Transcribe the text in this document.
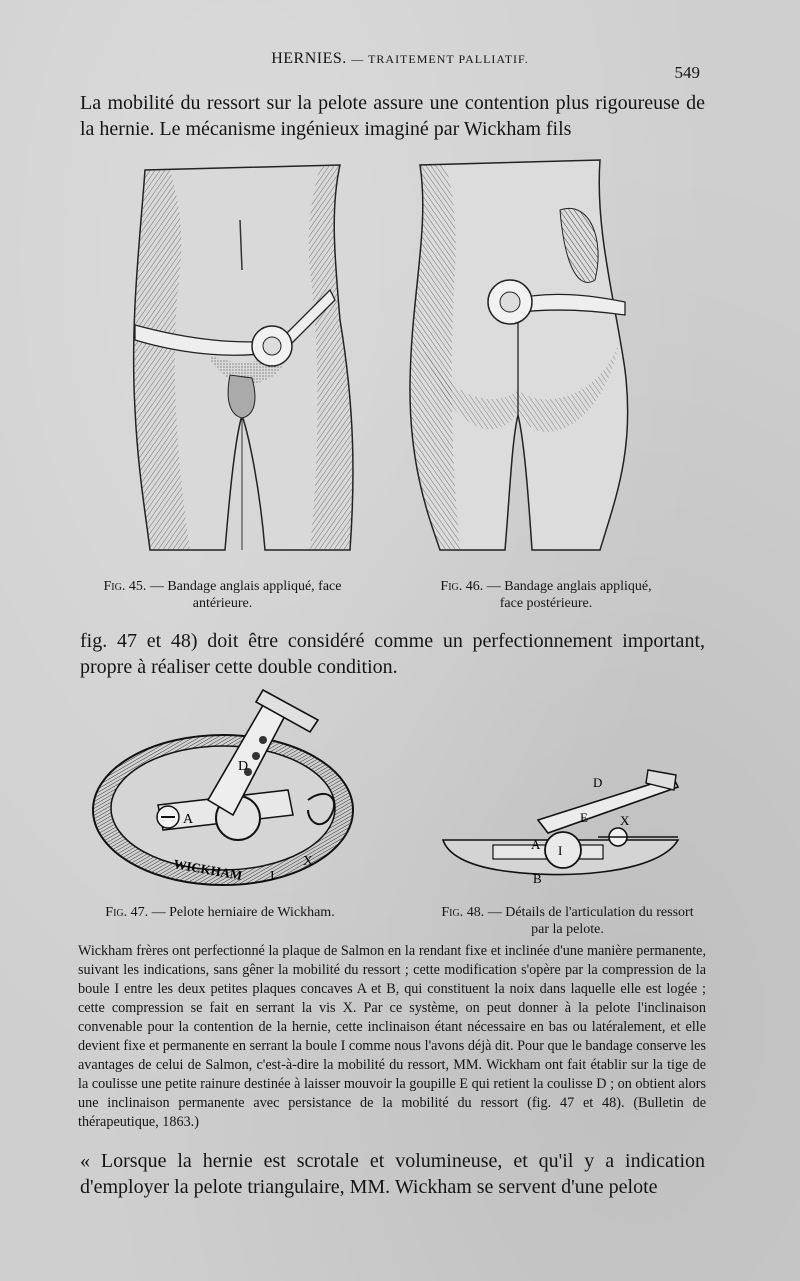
HERNIES. — TRAITEMENT PALLIATIF.
549
La mobilité du ressort sur la pelote assure une contention plus rigoureuse de la hernie. Le mécanisme ingénieux imaginé par Wickham fils
Fig. 45. — Bandage anglais appliqué, face antérieure.
Fig. 46. — Bandage anglais appliqué, face postérieure.
fig. 47 et 48) doit être considéré comme un perfectionnement important, propre à réaliser cette double condition.
A
D
WICKHAM I
X
D
E X
A I
B
Fig. 47. — Pelote herniaire de Wickham.	Fig. 48. — Détails de l'articulation du ressort par la pelote.
Wickham frères ont perfectionné la plaque de Salmon en la rendant fixe et inclinée d'une manière permanente, suivant les indications, sans gêner la mobilité du ressort ; cette modification s'opère par la compression de la boule I entre les deux petites plaques concaves A et B, qui constituent la noix dans laquelle elle est logée ; cette compression se fait en serrant la vis X. Par ce système, on peut donner à la pelote l'inclinaison convenable pour la contention de la hernie, cette inclinaison étant nécessaire en bas ou latéralement, et elle devient fixe et permanente en serrant la boule I comme nous l'avons déjà dit. Pour que le bandage conserve les avantages de celui de Salmon, c'est-à-dire la mobilité du ressort, MM. Wickham ont fait établir sur la tige de la coulisse une petite rainure destinée à laisser mouvoir la goupille E qui retient la coulisse D ; on obtient alors une inclinaison permanente avec persistance de la mobilité du ressort (fig. 47 et 48). (Bulletin de thérapeutique, 1863.)
« Lorsque la hernie est scrotale et volumineuse, et qu'il y a indication d'employer la pelote triangulaire, MM. Wickham se servent d'une pelote
